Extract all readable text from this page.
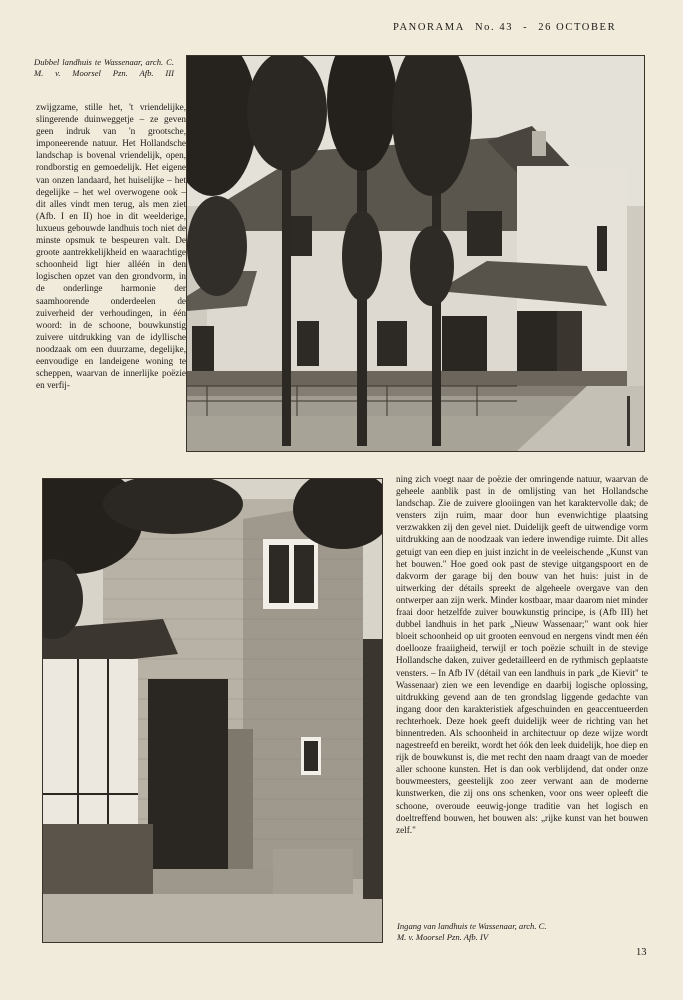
PANORAMA No. 43 - 26 OCTOBER
Dubbel landhuis te Wassenaar, arch. C. M. v. Moorsel Pzn. Afb. III

zwijgzame, stille het, 't vriendelijke, slingerende duinweggetje – ze geven geen indruk van 'n grootsche, imponeerende natuur. Het Hollandsche landschap is bovenal vriendelijk, open, rondborstig en gemoedelijk. Het eigene van onzen landaard, het huiselijke – het degelijke – het wel overwogene ook – dit alles vindt men terug, als men ziet (Afb. I en II) hoe in dit weelderige, luxueus gebouwde landhuis toch niet de minste opsmuk te bespeuren valt. De groote aantrekkelijkheid en waarachtige schoonheid ligt hier alléén in den logischen opzet van den grondvorm, in de onderlinge harmonie der saamhoorende onderdeelen de zuiverheid der verhoudingen, in één woord: in de schoone, bouwkunstig zuivere uitdrukking van de idyllische noodzaak om een duurzame, degelijke, eenvoudige en landeigene woning te scheppen, waarvan de innerlijke poëzie en verfij-

ning zich voegt naar de poëzie der omringende natuur, waarvan de geheele aanblik past in de omlijsting van het Hollandsche landschap. Zie de zuivere glooiingen van het karaktervolle dak; de vensters zijn ruim, maar door hun evenwichtige plaatsing verzwakken zij den gevel niet. Duidelijk geeft de uitwendige vorm uitdrukking aan de noodzaak van iedere inwendige ruimte. Dit alles getuigt van een diep en juist inzicht in de veeleischende „Kunst van het bouwen." Hoe goed ook past de stevige uitgangspoort en de dakvorm der garage bij den bouw van het huis: juist in de uitwerking der détails spreekt de algeheele overgave van den ontwerper aan zijn werk. Minder kostbaar, maar daarom niet minder fraai door hetzelfde zuiver bouwkunstig principe, is (Afb III) het dubbel landhuis in het park „Nieuw Wassenaar;" want ook hier bloeit schoonheid op uit grooten eenvoud en nergens vindt men één doellooze fraaiigheid, terwijl er toch poëzie schuilt in de stevige Hollandsche daken, zuiver gedetailleerd en de rythmisch geplaatste vensters. – In Afb IV (détail van een landhuis in park „de Kievit" te Wassenaar) zien we een levendige en daarbij logische oplossing, uitdrukking gevend aan de ten grondslag liggende gedachte van ingang door den karakteristiek afgeschuinden en geaccentueerden rechterhoek. Deze hoek geeft duidelijk weer de richting van het binnentreden. Als schoonheid in architectuur op deze wijze wordt nagestreefd en bereikt, wordt het óók den leek duidelijk, hoe diep en rijk de bouwkunst is, die met recht den naam draagt van de moeder aller schoone kunsten. Het is dan ook verblijdend, dat onder onze bouwmeesters, geestelijk zoo zeer verwant aan de moderne kunstwerken, die zij ons ons schenken, voor ons weer opleeft die schoone, overoude eeuwig-jonge traditie van het logisch en doeltreffend bouwen, het bouwen als: „rijke kunst van het bouwen zelf."

Ingang van landhuis te Wassenaar, arch. C. M. v. Moorsel Pzn. Afb. IV
13
